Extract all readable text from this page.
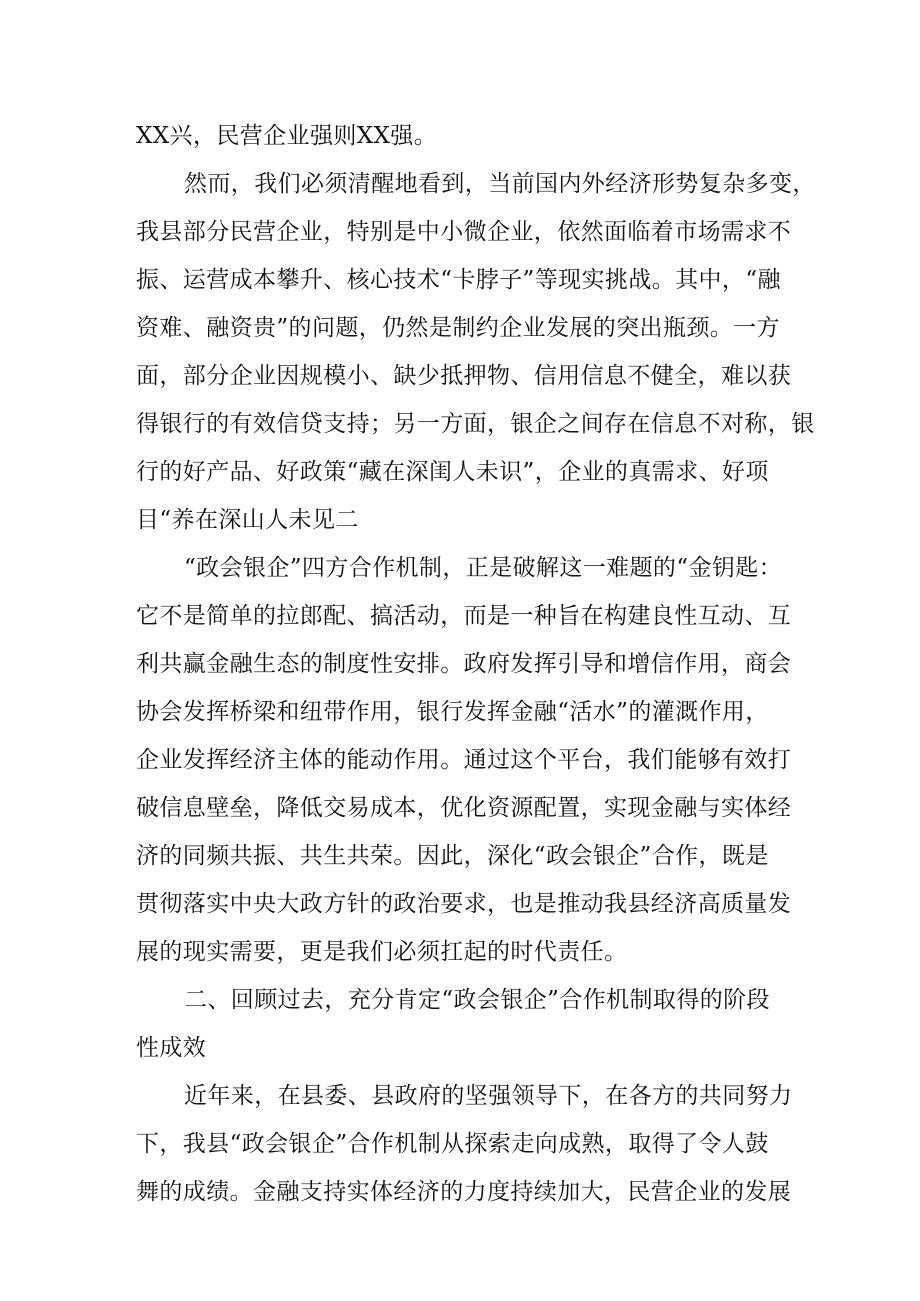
XX兴，民营企业强则XX强。
然而，我们必须清醒地看到，当前国内外经济形势复杂多变，
我县部分民营企业，特别是中小微企业，依然面临着市场需求不
振、运营成本攀升、核心技术“卡脖子”等现实挑战。其中，“融
资难、融资贵”的问题，仍然是制约企业发展的突出瓶颈。一方
面，部分企业因规模小、缺少抵押物、信用信息不健全，难以获
得银行的有效信贷支持；另一方面，银企之间存在信息不对称，银
行的好产品、好政策“藏在深闺人未识”，企业的真需求、好项
目“养在深山人未见二
“政会银企”四方合作机制，正是破解这一难题的“金钥匙：
它不是简单的拉郎配、搞活动，而是一种旨在构建良性互动、互
利共赢金融生态的制度性安排。政府发挥引导和增信作用，商会
协会发挥桥梁和纽带作用，银行发挥金融“活水”的灌溉作用，
企业发挥经济主体的能动作用。通过这个平台，我们能够有效打
破信息壁垒，降低交易成本，优化资源配置，实现金融与实体经
济的同频共振、共生共荣。因此，深化“政会银企”合作，既是
贯彻落实中央大政方针的政治要求，也是推动我县经济高质量发
展的现实需要，更是我们必须扛起的时代责任。
二、回顾过去，充分肯定“政会银企”合作机制取得的阶段
性成效
近年来，在县委、县政府的坚强领导下，在各方的共同努力
下，我县“政会银企”合作机制从探索走向成熟，取得了令人鼓
舞的成绩。金融支持实体经济的力度持续加大，民营企业的发展
